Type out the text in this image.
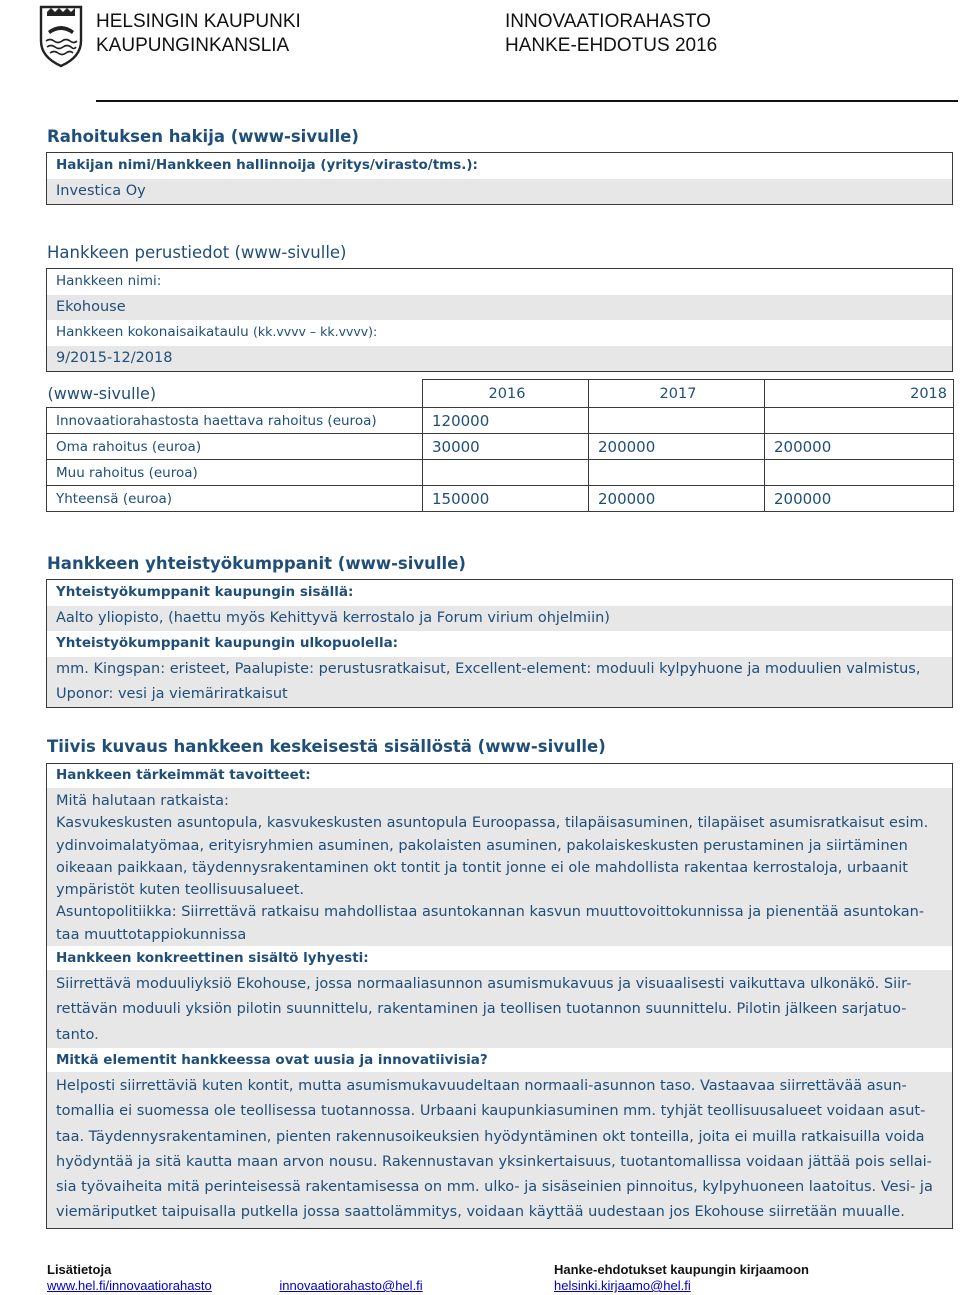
HELSINGIN KAUPUNKI
KAUPUNGINKANSLIA
INNOVAATIORAHASTO
HANKE-EHDOTUS 2016
Rahoituksen hakija (www-sivulle)
Hakijan nimi/Hankkeen hallinnoija (yritys/virasto/tms.):
Investica Oy
Hankkeen perustiedot (www-sivulle)
Hankkeen nimi:
Ekohouse
Hankkeen kokonaisaikataulu (kk.vvvv – kk.vvvv):
9/2015-12/2018
(www-sivulle)	2016	2017	2018
Innovaatiorahastosta haettava rahoitus (euroa)	120000		
Oma rahoitus (euroa)	30000	200000	200000
Muu rahoitus (euroa)			
Yhteensä (euroa)	150000	200000	200000
Hankkeen yhteistyökumppanit (www-sivulle)
Yhteistyökumppanit kaupungin sisällä:
Aalto yliopisto, (haettu myös Kehittyvä kerrostalo ja Forum virium ohjelmiin)
Yhteistyökumppanit kaupungin ulkopuolella:

mm. Kingspan: eristeet, Paalupiste: perustusratkaisut, Excellent-element: moduuli kylpyhuone ja moduulien valmistus,

Uponor: vesi ja viemäriratkaisut

Tiivis kuvaus hankkeen keskeisestä sisällöstä (www-sivulle)
Hankkeen tärkeimmät tavoitteet:

Mitä halutaan ratkaista:

Kasvukeskusten asuntopula, kasvukeskusten asuntopula Euroopassa, tilapäisasuminen, tilapäiset asumisratkaisut esim.

ydinvoimalatyömaa, erityisryhmien asuminen, pakolaisten asuminen, pakolaiskeskusten perustaminen ja siirtäminen

oikeaan paikkaan, täydennysrakentaminen okt tontit ja tontit jonne ei ole mahdollista rakentaa kerrostaloja, urbaanit

ympäristöt kuten teollisuusalueet.

Asuntopolitiikka: Siirrettävä ratkaisu mahdollistaa asuntokannan kasvun muuttovoittokunnissa ja pienentää asuntokan-

taa muuttotappiokunnissa

Hankkeen konkreettinen sisältö lyhyesti:

Siirrettävä moduuliyksiö Ekohouse, jossa normaaliasunnon asumismukavuus ja visuaalisesti vaikuttava ulkonäkö. Siir-

rettävän moduuli yksiön pilotin suunnittelu, rakentaminen ja teollisen tuotannon suunnittelu. Pilotin jälkeen sarjatuo-

tanto.

Mitkä elementit hankkeessa ovat uusia ja innovatiivisia?

Helposti siirrettäviä kuten kontit, mutta asumismukavuudeltaan normaali-asunnon taso. Vastaavaa siirrettävää asun-

tomallia ei suomessa ole teollisessa tuotannossa. Urbaani kaupunkiasuminen mm. tyhjät teollisuusalueet voidaan asut-

taa. Täydennysrakentaminen, pienten rakennusoikeuksien hyödyntäminen okt tonteilla, joita ei muilla ratkaisuilla voida

hyödyntää ja sitä kautta maan arvon nousu. Rakennustavan yksinkertaisuus, tuotantomallissa voidaan jättää pois sellai-

sia työvaiheita mitä perinteisessä rakentamisessa on mm. ulko- ja sisäseinien pinnoitus, kylpyhuoneen laatoitus. Vesi- ja

viemäriputket taipuisalla putkella jossa saattolämmitys, voidaan käyttää uudestaan jos Ekohouse siirretään muualle.

Lisätietoja
www.hel.fi/innovaatiorahasto	innovaatiorahasto@hel.fi
Hanke-ehdotukset kaupungin kirjaamoon
helsinki.kirjaamo@hel.fi
